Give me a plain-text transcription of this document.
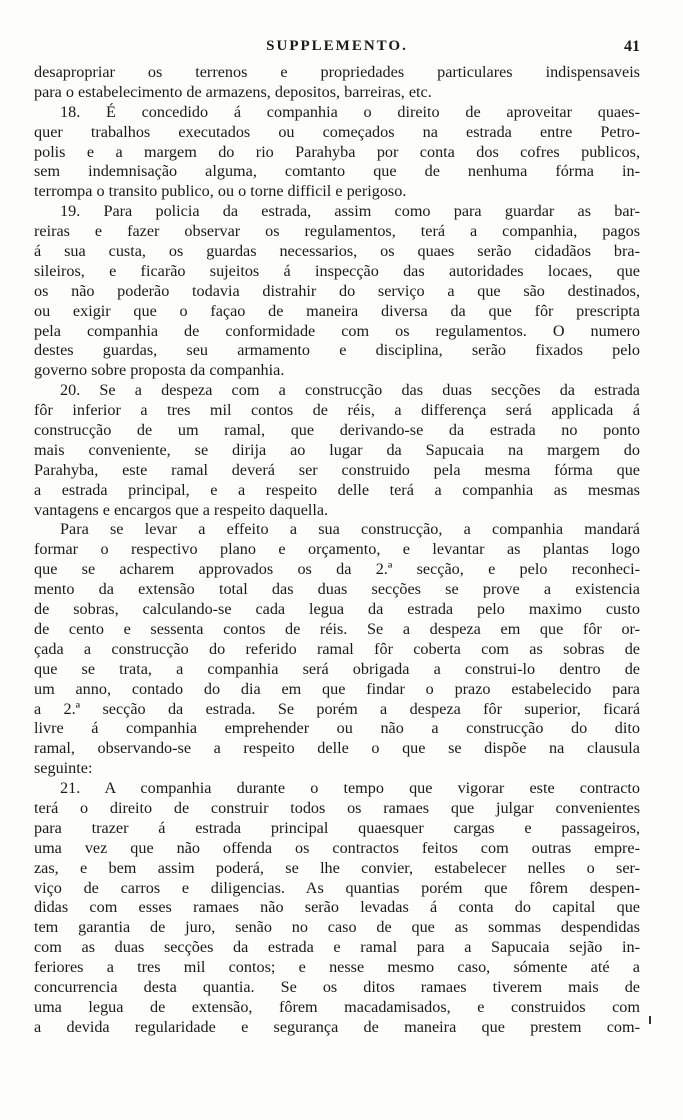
SUPPLEMENTO.	41
desapropriar os terrenos e propriedades particulares indispensaveis
para o estabelecimento de armazens, depositos, barreiras, etc.
18. É concedido á companhia o direito de aproveitar quaes-
quer trabalhos executados ou começados na estrada entre Petro-
polis e a margem do rio Parahyba por conta dos cofres publicos,
sem indemnisação alguma, comtanto que de nenhuma fórma in-
terrompa o transito publico, ou o torne difficil e perigoso.
19. Para policia da estrada, assim como para guardar as bar-
reiras e fazer observar os regulamentos, terá a companhia, pagos
á sua custa, os guardas necessarios, os quaes serão cidadãos bra-
sileiros, e ficarão sujeitos á inspecção das autoridades locaes, que
os não poderão todavia distrahir do serviço a que são destinados,
ou exigir que o façao de maneira diversa da que fôr prescripta
pela companhia de conformidade com os regulamentos. O numero
destes guardas, seu armamento e disciplina, serão fixados pelo
governo sobre proposta da companhia.
20. Se a despeza com a construcção das duas secções da estrada
fôr inferior a tres mil contos de réis, a differença será applicada á
construcção de um ramal, que derivando-se da estrada no ponto
mais conveniente, se dirija ao lugar da Sapucaia na margem do
Parahyba, este ramal deverá ser construido pela mesma fórma que
a estrada principal, e a respeito delle terá a companhia as mesmas
vantagens e encargos que a respeito daquella.
Para se levar a effeito a sua construcção, a companhia mandará
formar o respectivo plano e orçamento, e levantar as plantas logo
que se acharem approvados os da 2.ª secção, e pelo reconheci-
mento da extensão total das duas secções se prove a existencia
de sobras, calculando-se cada legua da estrada pelo maximo custo
de cento e sessenta contos de réis. Se a despeza em que fôr or-
çada a construcção do referido ramal fôr coberta com as sobras de
que se trata, a companhia será obrigada a construi-lo dentro de
um anno, contado do dia em que findar o prazo estabelecido para
a 2.ª secção da estrada. Se porém a despeza fôr superior, ficará
livre á companhia emprehender ou não a construcção do dito
ramal, observando-se a respeito delle o que se dispõe na clausula
seguinte:
21. A companhia durante o tempo que vigorar este contracto
terá o direito de construir todos os ramaes que julgar convenientes
para trazer á estrada principal quaesquer cargas e passageiros,
uma vez que não offenda os contractos feitos com outras empre-
zas, e bem assim poderá, se lhe convier, estabelecer nelles o ser-
viço de carros e diligencias. As quantias porém que fôrem despen-
didas com esses ramaes não serão levadas á conta do capital que
tem garantia de juro, senão no caso de que as sommas despendidas
com as duas secções da estrada e ramal para a Sapucaia sejão in-
feriores a tres mil contos; e nesse mesmo caso, sómente até a
concurrencia desta quantia. Se os ditos ramaes tiverem mais de
uma legua de extensão, fôrem macadamisados, e construidos com
a devida regularidade e segurança de maneira que prestem com-
